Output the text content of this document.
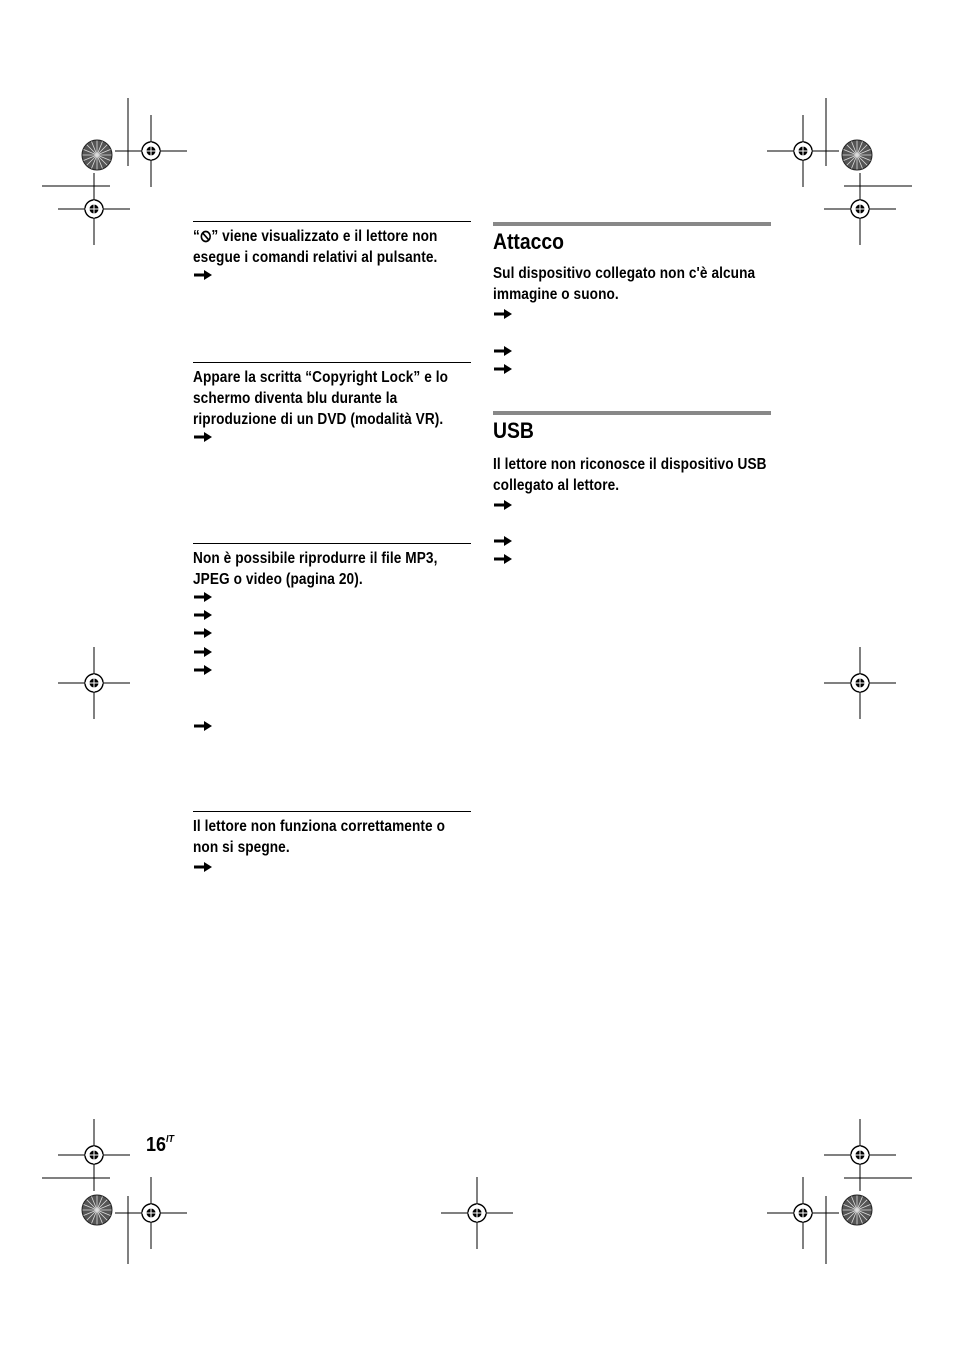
“ ” viene visualizzato e il lettore non esegue i comandi relativi al pulsante.
Appare la scritta “Copyright Lock” e lo schermo diventa blu durante la riproduzione di un DVD (modalità VR).
Non è possibile riprodurre il file MP3, JPEG o video (pagina 20).
Il lettore non funziona correttamente o non si spegne.
Attacco
Sul dispositivo collegato non c'è alcuna immagine o suono.
USB
Il lettore non riconosce il dispositivo USB collegato al lettore.
$16^{IT}$
